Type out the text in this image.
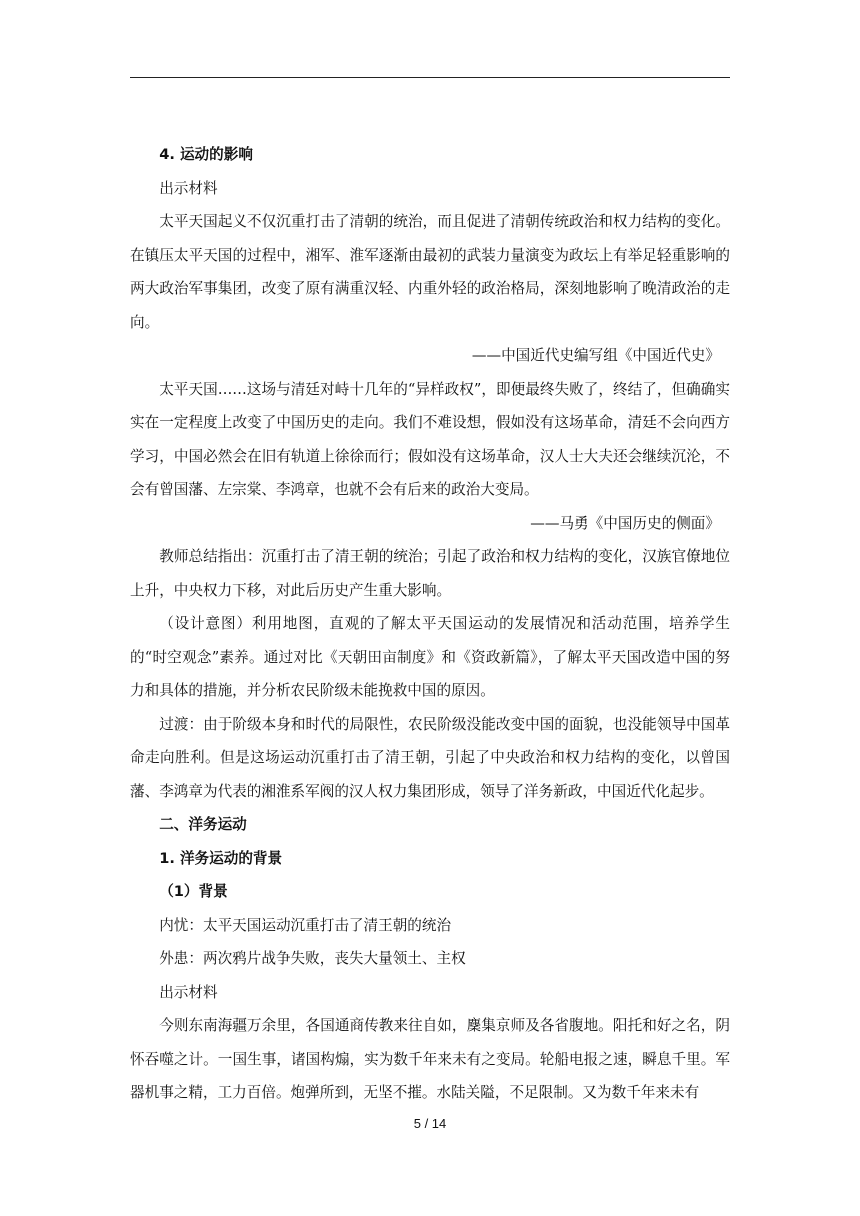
4. 运动的影响

出示材料

太平天国起义不仅沉重打击了清朝的统治，而且促进了清朝传统政治和权力结构的变化。在镇压太平天国的过程中，湘军、淮军逐渐由最初的武装力量演变为政坛上有举足轻重影响的两大政治军事集团，改变了原有满重汉轻、内重外轻的政治格局，深刻地影响了晚清政治的走向。

——中国近代史编写组《中国近代史》

太平天国……这场与清廷对峙十几年的“异样政权”，即便最终失败了，终结了，但确确实实在一定程度上改变了中国历史的走向。我们不难设想，假如没有这场革命，清廷不会向西方学习，中国必然会在旧有轨道上徐徐而行；假如没有这场革命，汉人士大夫还会继续沉沦，不会有曾国藩、左宗棠、李鸿章，也就不会有后来的政治大变局。

——马勇《中国历史的侧面》

教师总结指出：沉重打击了清王朝的统治；引起了政治和权力结构的变化，汉族官僚地位上升，中央权力下移，对此后历史产生重大影响。

（设计意图）利用地图，直观的了解太平天国运动的发展情况和活动范围，培养学生的“时空观念”素养。通过对比《天朝田亩制度》和《资政新篇》，了解太平天国改造中国的努力和具体的措施，并分析农民阶级未能挽救中国的原因。

过渡：由于阶级本身和时代的局限性，农民阶级没能改变中国的面貌，也没能领导中国革命走向胜利。但是这场运动沉重打击了清王朝，引起了中央政治和权力结构的变化，以曾国藩、李鸿章为代表的湘淮系军阀的汉人权力集团形成，领导了洋务新政，中国近代化起步。

二、洋务运动

1. 洋务运动的背景

（1）背景

内忧：太平天国运动沉重打击了清王朝的统治

外患：两次鸦片战争失败，丧失大量领土、主权

出示材料

今则东南海疆万余里，各国通商传教来往自如，麇集京师及各省腹地。阳托和好之名，阴怀吞噬之计。一国生事，诸国构煽，实为数千年来未有之变局。轮船电报之速，瞬息千里。军器机事之精，工力百倍。炮弹所到，无坚不摧。水陆关隘，不足限制。又为数千年来未有

5 / 14
